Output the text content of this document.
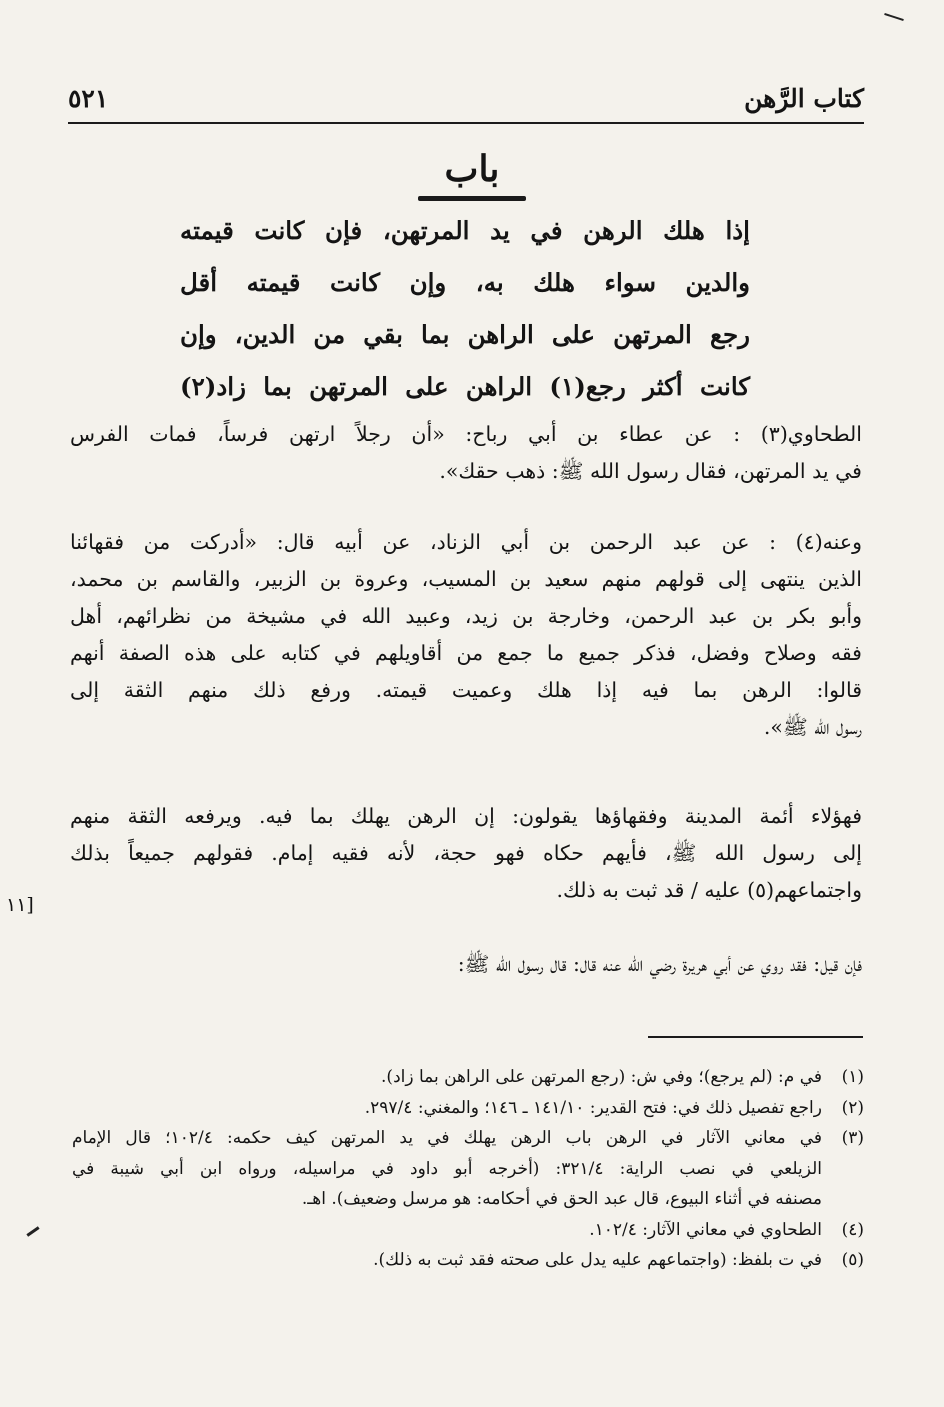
كتاب الرَّهن
٥٢١
باب
إذا هلك الرهن في يد المرتهن، فإن كانت قيمته
والدين سواء هلك به، وإن كانت قيمته أقل
رجع المرتهن على الراهن بما بقي من الدين، وإن
كانت أكثر رجع(١) الراهن على المرتهن بما زاد(٢)
الطحاوي(٣) : عن عطاء بن أبي رباح: «أن رجلاً ارتهن فرساً، فمات الفرس
في يد المرتهن، فقال رسول الله ﷺ: ذهب حقك».
وعنه(٤) : عن عبد الرحمن بن أبي الزناد، عن أبيه قال: «أدركت من فقهائنا
الذين ينتهى إلى قولهم منهم سعيد بن المسيب، وعروة بن الزبير، والقاسم بن محمد،
وأبو بكر بن عبد الرحمن، وخارجة بن زيد، وعبيد الله في مشيخة من نظرائهم، أهل
فقه وصلاح وفضل، فذكر جميع ما جمع من أقاويلهم في كتابه على هذه الصفة أنهم
قالوا: الرهن بما فيه إذا هلك وعميت قيمته. ورفع ذلك منهم الثقة إلى
رسول الله ﷺ».
فهؤلاء أئمة المدينة وفقهاؤها يقولون: إن الرهن يهلك بما فيه. ويرفعه الثقة منهم
إلى رسول الله ﷺ، فأيهم حكاه فهو حجة، لأنه فقيه إمام. فقولهم جميعاً بذلك
واجتماعهم(٥) عليه / قد ثبت به ذلك.
فإن قيل: فقد روي عن أبي هريرة رضي الله عنه قال: قال رسول الله ﷺ:
[١١
(١)
في م: (لم يرجع)؛ وفي ش: (رجع المرتهن على الراهن بما زاد).
(٢)
راجع تفصيل ذلك في: فتح القدير: ١٤١/١٠ ـ ١٤٦؛ والمغني: ٢٩٧/٤.
(٣)
في معاني الآثار في الرهن باب الرهن يهلك في يد المرتهن كيف حكمه: ١٠٢/٤؛ قال الإمام
الزيلعي في نصب الراية: ٣٢١/٤: (أخرجه أبو داود في مراسيله، ورواه ابن أبي شيبة في
مصنفه في أثناء البيوع، قال عبد الحق في أحكامه: هو مرسل وضعيف). اهـ.
(٤)
الطحاوي في معاني الآثار: ١٠٢/٤.
(٥)
في ت بلفظ: (واجتماعهم عليه يدل على صحته فقد ثبت به ذلك).
